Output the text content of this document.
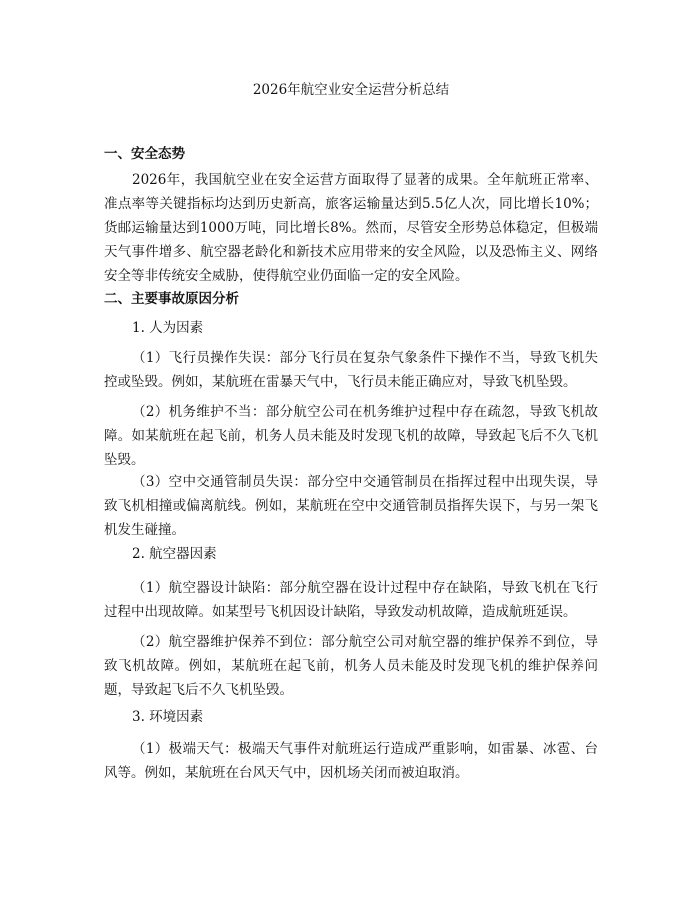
2026年航空业安全运营分析总结
一、安全态势

2026年，我国航空业在安全运营方面取得了显著的成果。全年航班正常率、准点率等关键指标均达到历史新高，旅客运输量达到5.5亿人次，同比增长10%；货邮运输量达到1000万吨，同比增长8%。然而，尽管安全形势总体稳定，但极端天气事件增多、航空器老龄化和新技术应用带来的安全风险，以及恐怖主义、网络安全等非传统安全威胁，使得航空业仍面临一定的安全风险。

二、主要事故原因分析
1. 人为因素

（1）飞行员操作失误：部分飞行员在复杂气象条件下操作不当，导致飞机失控或坠毁。例如，某航班在雷暴天气中，飞行员未能正确应对，导致飞机坠毁。

（2）机务维护不当：部分航空公司在机务维护过程中存在疏忽，导致飞机故障。如某航班在起飞前，机务人员未能及时发现飞机的故障，导致起飞后不久飞机坠毁。

（3）空中交通管制员失误：部分空中交通管制员在指挥过程中出现失误，导致飞机相撞或偏离航线。例如，某航班在空中交通管制员指挥失误下，与另一架飞机发生碰撞。

2. 航空器因素

（1）航空器设计缺陷：部分航空器在设计过程中存在缺陷，导致飞机在飞行过程中出现故障。如某型号飞机因设计缺陷，导致发动机故障，造成航班延误。

（2）航空器维护保养不到位：部分航空公司对航空器的维护保养不到位，导致飞机故障。例如，某航班在起飞前，机务人员未能及时发现飞机的维护保养问题，导致起飞后不久飞机坠毁。

3. 环境因素

（1）极端天气：极端天气事件对航班运行造成严重影响，如雷暴、冰雹、台风等。例如，某航班在台风天气中，因机场关闭而被迫取消。
